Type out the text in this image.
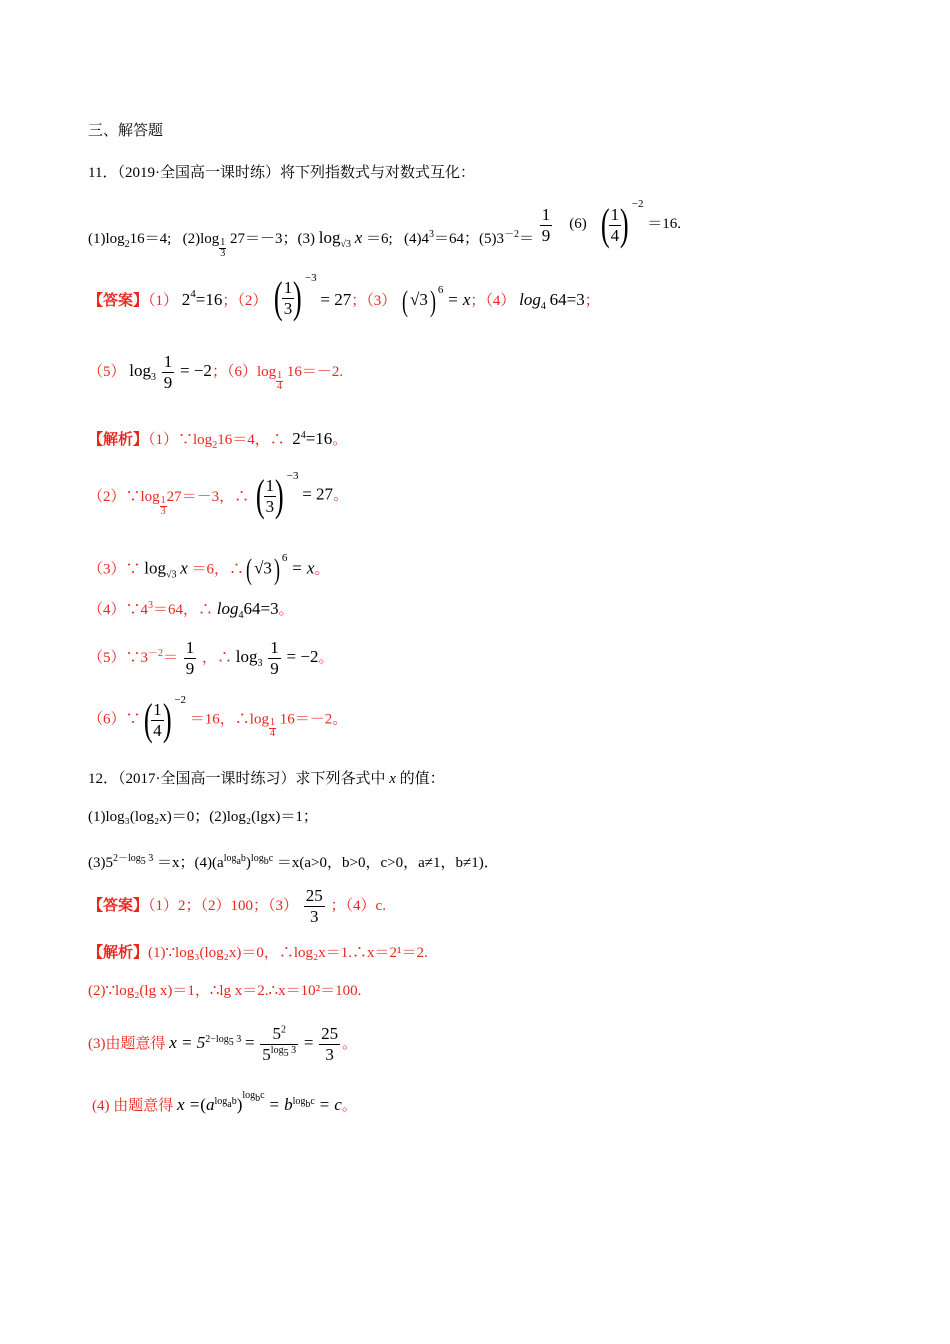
三、解答题
11．（2019·全国高一课时练）将下列指数式与对数式互化：
$(1)\log_216=4$; $(2)\log \frac{1}{3} 27=-3$；(3) $\log_{√3} x =6$; $(4)4^3=64$；$(5)3^{-2}= \frac{1}{9} (6)$ (
$\frac{1}{4}$
) $^{-2}$ ＝16.
【答案】（1） $2^4=16$；（2） (
$\frac{1}{3}$
) $^{-3}$ = 27；（3） ( √3) $^6$ = x；（4） $\log_4 64=3$；
（5） $\log_3 \frac{1}{9} = -2$；$(6)\log \frac{1}{4} 16=-2$.
【解析】$(1)\because\log_216=4$，∴ $2^4=16$。
（2）∵log $\frac{1}{3} 27=-3$，∴ (
$\frac{1}{3}$
) $^{-3}$ = 27。
（3）∵ $\log_{√3} x =6$，∴( √3) $^6$ = x。
$(4)\because 4^3=64$，∴ $\log_464=3$。
$(5)\because 3^{-2}= \frac{1}{9}$ ，∴ $\log_3 \frac{1}{9} = -2$。
（6）∵(
$\frac{1}{4}$
) $^{-2}$ ＝16，∴log $\frac{1}{4} 16=-2$。
12．（2017·全国高一课时练习）求下列各式中 x 的值：
(1)log₃(log₂x)＝0；(2)log₂(lgx)＝1；
$(3)5^{2-log_5 3} =x$；$(4)(a^{log_ab})^{log_bc} =x(a>0$，b>0，c>0，a≠1，b≠1)．
【答案】（1）2；（2）100；$(3) \frac{25}{3}$ ；（4）c.
【解析】(1)∵log₃(log₂x)＝0，∴log₂x＝1.∴x＝2¹＝2.
(2)∵log₂(lg x)＝1，∴lg x＝2.∴x＝10²＝100.
(3)由题意得 $x = 5^{2-log_5 3} = \frac{5^2}{5^{log_5 3}} = \frac{25}{3}$ 。
(4) 由题意得 $x =(a^{log_ab})^{log_bc} = b^{log_bc} = c$。
